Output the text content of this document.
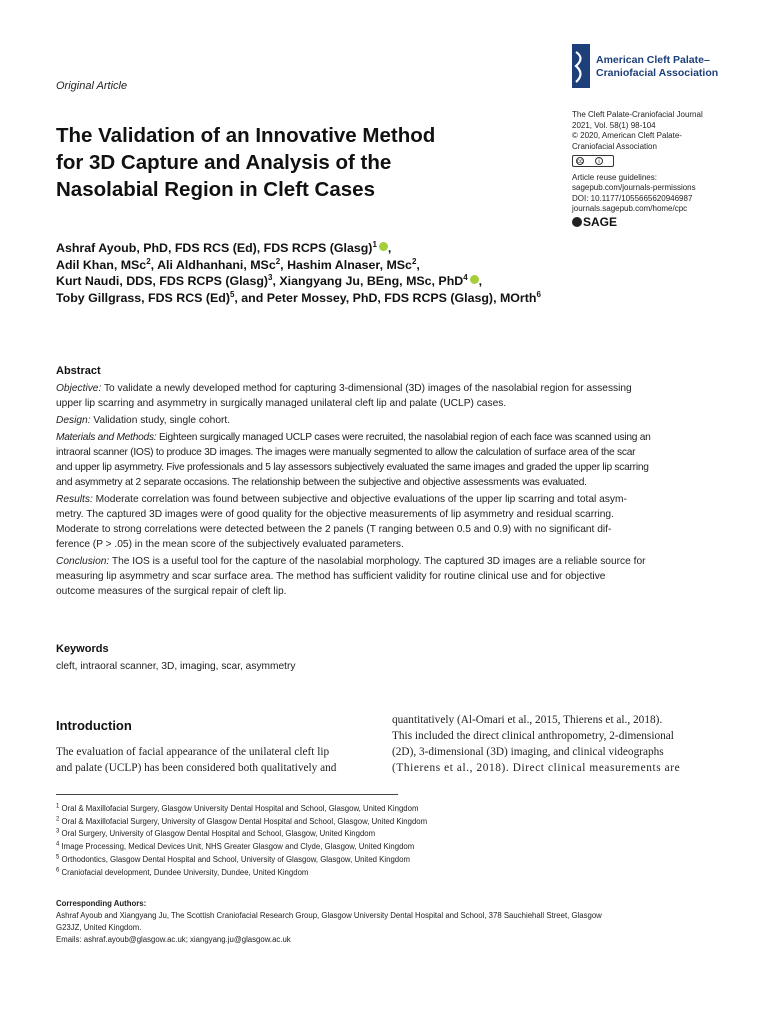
Original Article
The Validation of an Innovative Method
for 3D Capture and Analysis of the
Nasolabial Region in Cleft Cases
American Cleft Palate–
Craniofacial Association
The Cleft Palate-Craniofacial Journal
2021, Vol. 58(1) 98-104
© 2020, American Cleft Palate-
Craniofacial Association
cc	i
Article reuse guidelines:
sagepub.com/journals-permissions
DOI: 10.1177/1055665620946987
journals.sagepub.com/home/cpc
SAGE
Ashraf Ayoub, PhD, FDS RCS (Ed), FDS RCPS (Glasg)$^1$ ,
Adil Khan, MSc$^2$, Ali Aldhanhani, MSc$^2$, Hashim Alnaser, MSc$^2$,
Kurt Naudi, DDS, FDS RCPS (Glasg)$^3$, Xiangyang Ju, BEng, MSc, PhD$^4$ ,
Toby Gillgrass, FDS RCS $(Ed)^5$, and Peter Mossey, PhD, FDS RCPS (Glasg), MOrth$^6$
Abstract
Objective: To validate a newly developed method for capturing 3-dimensional (3D) images of the nasolabial region for assessing
upper lip scarring and asymmetry in surgically managed unilateral cleft lip and palate (UCLP) cases.
Design: Validation study, single cohort.
Materials and Methods: Eighteen surgically managed UCLP cases were recruited, the nasolabial region of each face was scanned using an
intraoral scanner (IOS) to produce 3D images. The images were manually segmented to allow the calculation of surface area of the scar
and upper lip asymmetry. Five professionals and 5 lay assessors subjectively evaluated the same images and graded the upper lip scarring
and asymmetry at 2 separate occasions. The relationship between the subjective and objective assessments was evaluated.
Results: Moderate correlation was found between subjective and objective evaluations of the upper lip scarring and total asym-
metry. The captured 3D images were of good quality for the objective measurements of lip asymmetry and residual scarring.
Moderate to strong correlations were detected between the 2 panels (T ranging between 0.5 and 0.9) with no significant dif-
ference (P > .05) in the mean score of the subjectively evaluated parameters.
Conclusion: The IOS is a useful tool for the capture of the nasolabial morphology. The captured 3D images are a reliable source for
measuring lip asymmetry and scar surface area. The method has sufficient validity for routine clinical use and for objective
outcome measures of the surgical repair of cleft lip.
Keywords
cleft, intraoral scanner, 3D, imaging, scar, asymmetry
Introduction
The evaluation of facial appearance of the unilateral cleft lip
and palate (UCLP) has been considered both qualitatively and
quantitatively (Al-Omari et al., 2015, Thierens et al., 2018).
This included the direct clinical anthropometry, 2-dimensional
(2D), 3-dimensional (3D) imaging, and clinical videographs
(Thierens et al., 2018). Direct clinical measurements are
$^1$ Oral & Maxillofacial Surgery, Glasgow University Dental Hospital and School, Glasgow, United Kingdom
$^2$ Oral & Maxillofacial Surgery, University of Glasgow Dental Hospital and School, Glasgow, United Kingdom
$^3$ Oral Surgery, University of Glasgow Dental Hospital and School, Glasgow, United Kingdom
$^4$ Image Processing, Medical Devices Unit, NHS Greater Glasgow and Clyde, Glasgow, United Kingdom
$^5$ Orthodontics, Glasgow Dental Hospital and School, University of Glasgow, Glasgow, United Kingdom
$^6$ Craniofacial development, Dundee University, Dundee, United Kingdom
Corresponding Authors:
Ashraf Ayoub and Xiangyang Ju, The Scottish Craniofacial Research Group, Glasgow University Dental Hospital and School, 378 Sauchiehall Street, Glasgow
G23JZ, United Kingdom.
Emails: ashraf.ayoub@glasgow.ac.uk; xiangyang.ju@glasgow.ac.uk
